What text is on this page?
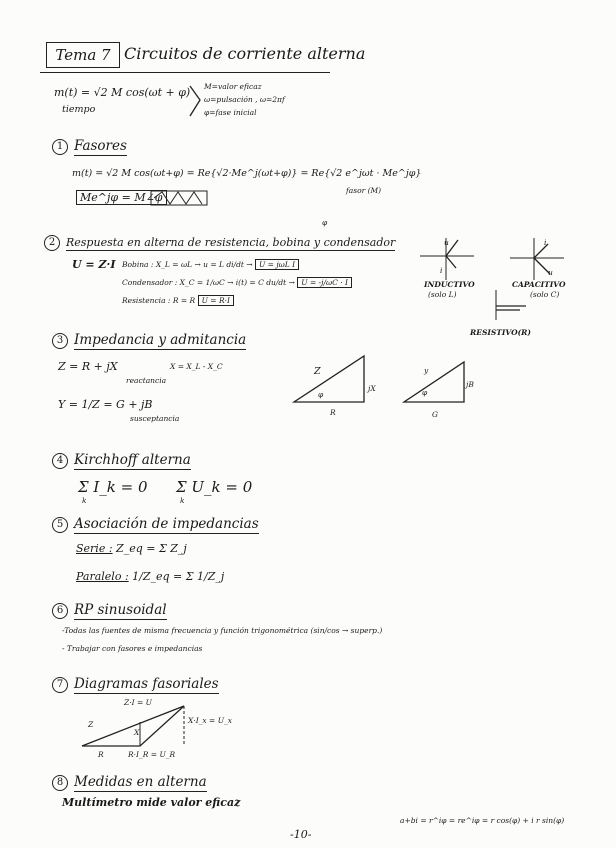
Tema 7 Circuitos de corriente alterna
m(t) = √2 M cos(ωt + φ)
tiempo
M=valor eficaz
ω=pulsación , ω=2πf
φ=fase inicial
1 Fasores
m(t) = √2 M cos(ωt+φ) = Re{√2·Me^j(ωt+φ)} = Re{√2 e^jωt · Me^jφ}
fasor (M)
Me^jφ = M∠φ
φ
2 Respuesta en alterna de resistencia, bobina y condensador
U = Z·I Bobina : X_L = ωL → u = L di/dt → U = jωL I
Condensador : X_C = 1/ωC → i(t) = C du/dt → U = -j/ωC · I
Resistencia : R = R U = R·I
u
i
INDUCTIVO
(solo L)
i
u
CAPACITIVO
(solo C)
RESISTIVO(R)
3 Impedancia y admitancia
Z = R + jX	X = X_L - X_C
reactancia
Y = 1/Z = G + jB
susceptancia
Z
φ
jX
R
y
φ
jB
G
4 Kirchhoff alterna
Σ I_k = 0 Σ U_k = 0
k	k
5 Asociación de impedancias
Serie : Z_eq = Σ Z_j
Paralelo : 1/Z_eq = Σ 1/Z_j
6 RP sinusoidal
-Todas las fuentes de misma frecuencia y función trigonométrica (sin/cos → superp.)
- Trabajar con fasores e impedancias
7 Diagramas fasoriales
Z·I = U
X·I_x = U_x
Z
X
R	R·I_R = U_R
8 Medidas en alterna
Multímetro mide valor eficaz
a+bi = r^iφ = re^iφ = r cos(φ) + i r sin(φ)
-10-
